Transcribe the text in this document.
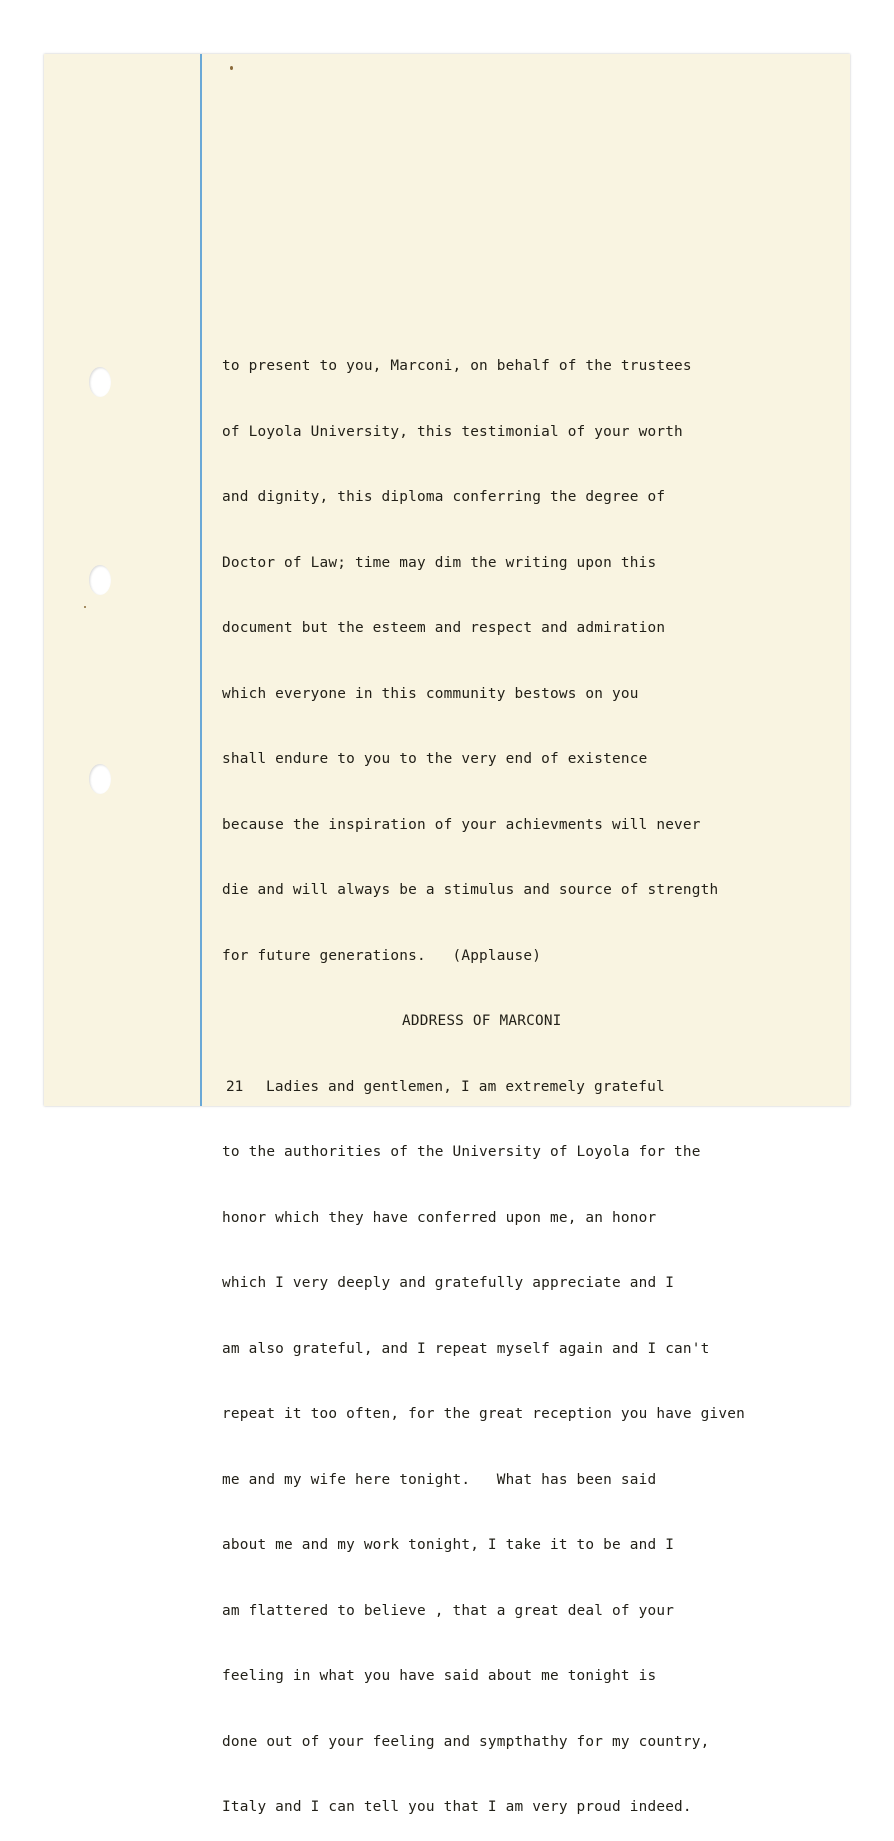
to present to you, Marconi, on behalf of the trustees

of Loyola University, this testimonial of your worth

and dignity, this diploma conferring the degree of

Doctor of Law; time may dim the writing upon this

document but the esteem and respect and admiration

which everyone in this community bestows on you

shall endure to you to the very end of existence

because the inspiration of your achievments will never

die and will always be a stimulus and source of strength

for future generations.   (Applause)

ADDRESS OF MARCONI

Ladies and gentlemen, I am extremely grateful

to the authorities of the University of Loyola for the

honor which they have conferred upon me, an honor

which I very deeply and gratefully appreciate and I

am also grateful, and I repeat myself again and I can't

repeat it too often, for the great reception you have given

me and my wife here tonight.   What has been said

about me and my work tonight, I take it to be and I

am flattered to believe , that a great deal of your

feeling in what you have said about me tonight is

done out of your feeling and sympthathy for my country,

Italy and I can tell you that I am very proud indeed.

21
